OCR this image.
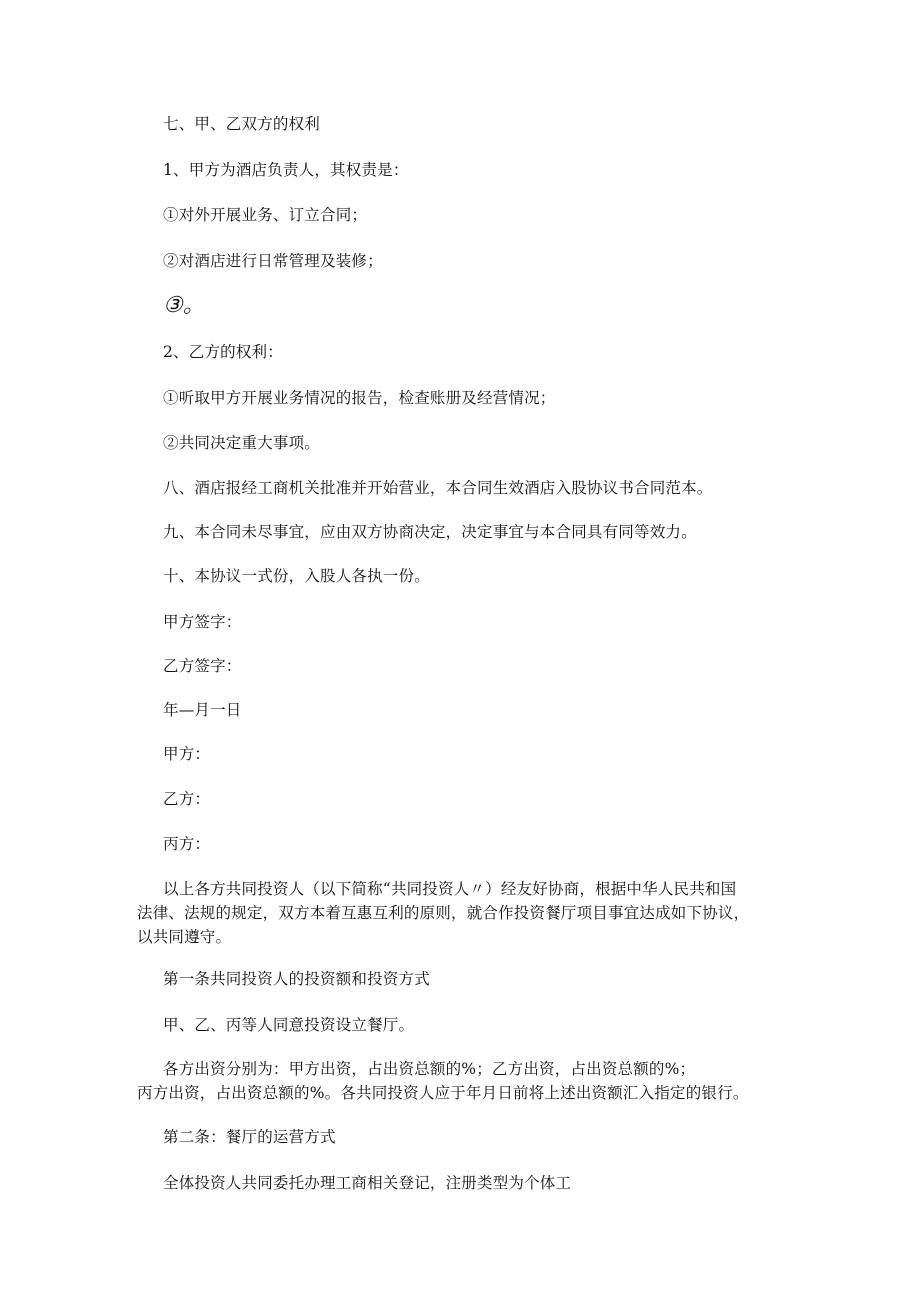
七、甲、乙双方的权利
1、甲方为酒店负责人，其权责是：
①对外开展业务、订立合同；
②对酒店进行日常管理及装修；
③。
2、乙方的权利：
①听取甲方开展业务情况的报告，检查账册及经营情况；
②共同决定重大事项。
八、酒店报经工商机关批准并开始营业，本合同生效酒店入股协议书合同范本。
九、本合同未尽事宜，应由双方协商决定，决定事宜与本合同具有同等效力。
十、本协议一式份，入股人各执一份。
甲方签字：
乙方签字：
年—月一日
甲方：
乙方：
丙方：
以上各方共同投资人（以下简称“共同投资人〃）经友好协商，根据中华人民共和国
法律、法规的规定，双方本着互惠互利的原则，就合作投资餐厅项目事宜达成如下协议，
以共同遵守。
第一条共同投资人的投资额和投资方式
甲、乙、丙等人同意投资设立餐厅。
各方出资分别为：甲方出资，占出资总额的%；乙方出资，占出资总额的%；
丙方出资，占出资总额的%。各共同投资人应于年月日前将上述出资额汇入指定的银行。
第二条：餐厅的运营方式
全体投资人共同委托办理工商相关登记，注册类型为个体工
